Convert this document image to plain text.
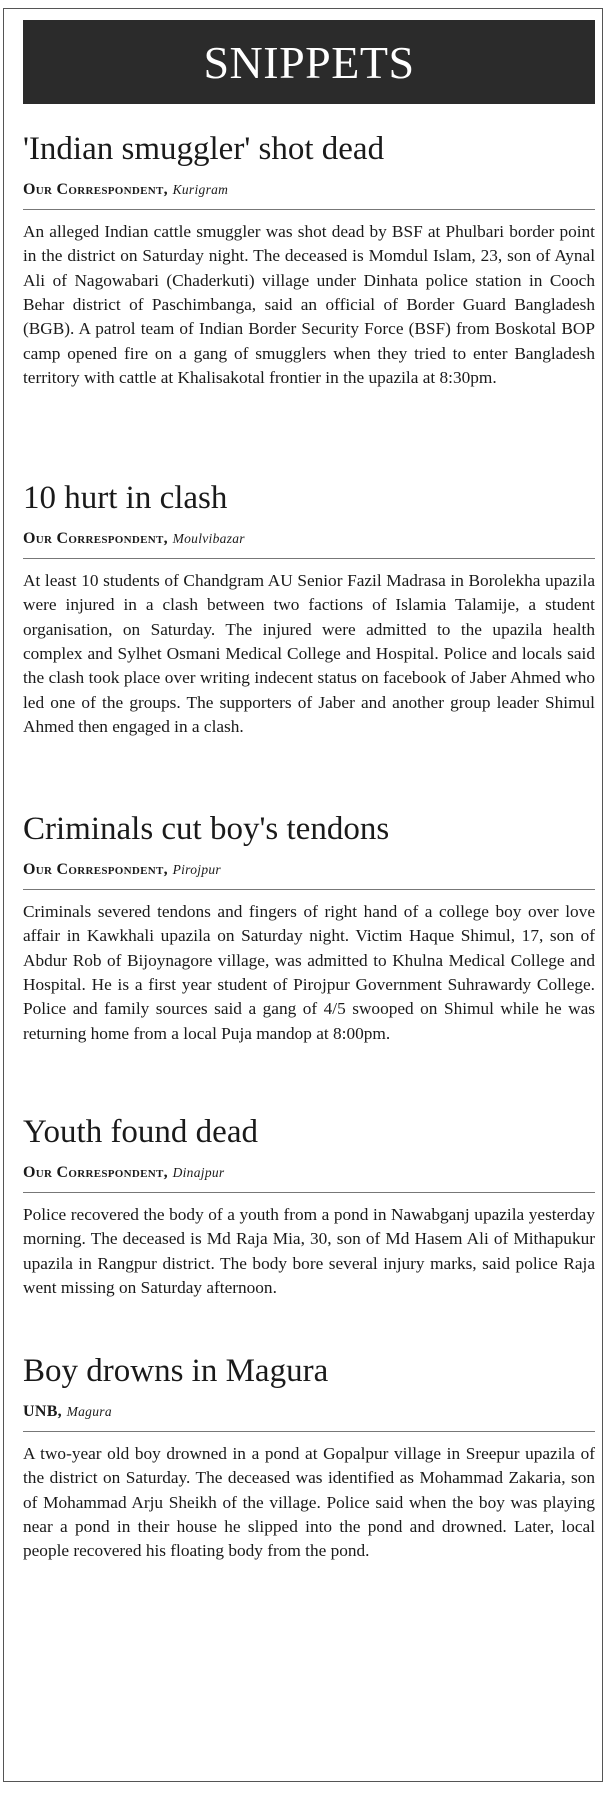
SNIPPETS
'Indian smuggler' shot dead
Our Correspondent, Kurigram
An alleged Indian cattle smuggler was shot dead by BSF at Phulbari border point in the district on Saturday night. The deceased is Momdul Islam, 23, son of Aynal Ali of Nagowabari (Chaderkuti) village under Dinhata police station in Cooch Behar district of Paschimbanga, said an official of Border Guard Bangladesh (BGB). A patrol team of Indian Border Security Force (BSF) from Boskotal BOP camp opened fire on a gang of smugglers when they tried to enter Bangladesh territory with cattle at Khalisakotal frontier in the upazila at 8:30pm.
10 hurt in clash
Our Correspondent, Moulvibazar
At least 10 students of Chandgram AU Senior Fazil Madrasa in Borolekha upazila were injured in a clash between two factions of Islamia Talamije, a student organisation, on Saturday. The injured were admitted to the upazila health complex and Sylhet Osmani Medical College and Hospital. Police and locals said the clash took place over writing indecent status on facebook of Jaber Ahmed who led one of the groups. The supporters of Jaber and another group leader Shimul Ahmed then engaged in a clash.
Criminals cut boy's tendons
Our Correspondent, Pirojpur
Criminals severed tendons and fingers of right hand of a college boy over love affair in Kawkhali upazila on Saturday night. Victim Haque Shimul, 17, son of Abdur Rob of Bijoynagore village, was admitted to Khulna Medical College and Hospital. He is a first year student of Pirojpur Government Suhrawardy College. Police and family sources said a gang of 4/5 swooped on Shimul while he was returning home from a local Puja mandop at 8:00pm.
Youth found dead
Our Correspondent, Dinajpur
Police recovered the body of a youth from a pond in Nawabganj upazila yesterday morning. The deceased is Md Raja Mia, 30, son of Md Hasem Ali of Mithapukur upazila in Rangpur district. The body bore several injury marks, said police Raja went missing on Saturday afternoon.
Boy drowns in Magura
UNB, Magura
A two-year old boy drowned in a pond at Gopalpur village in Sreepur upazila of the district on Saturday. The deceased was identified as Mohammad Zakaria, son of Mohammad Arju Sheikh of the village. Police said when the boy was playing near a pond in their house he slipped into the pond and drowned. Later, local people recovered his floating body from the pond.
